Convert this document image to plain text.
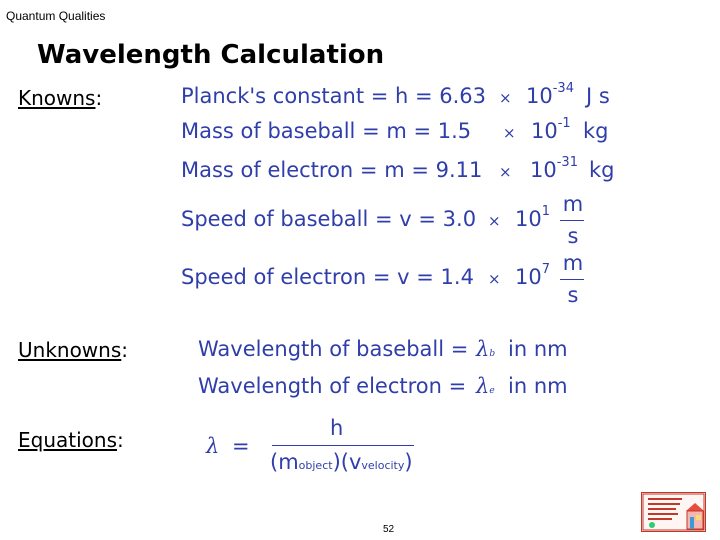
Quantum Qualities
Wavelength Calculation
Knowns:	Planck's constant = $h = 6.63 \times 10^{-34}$ J s
Mass of baseball = $m = 1.5 \times 10^{-1}$ kg
Mass of electron = $m = 9.11 \times 10^{-31}$ kg
Speed of baseball = $v = 3.0 \times 10^1$ m
s
Speed of electron = $v = 1.4 \times 10^7$ m
s
Unknowns:	Wavelength of baseball = λb in nm
Wavelength of electron = λe in nm
Equations:	λ =
h
(mobject)(vvelocity)
52
